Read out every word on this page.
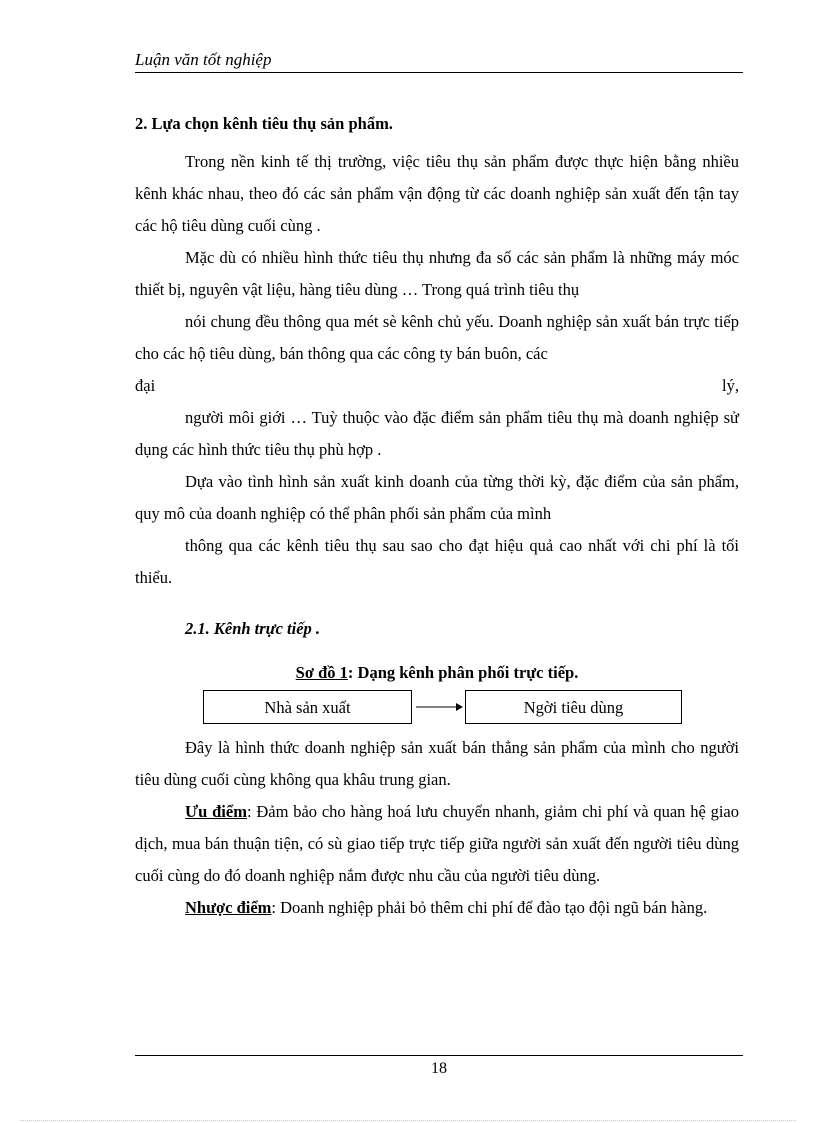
Luận văn tốt nghiệp

2. Lựa chọn kênh tiêu thụ sản phẩm.

Trong nền kinh tế thị trường, việc tiêu thụ sản phẩm được thực hiện bằng nhiều kênh khác nhau, theo đó các sản phẩm vận động từ các doanh nghiệp sản xuất đến tận tay các hộ tiêu dùng cuối cùng .

Mặc dù có nhiều hình thức tiêu thụ nhưng đa số các sản phẩm là những máy móc thiết bị, nguyên vật liệu, hàng tiêu dùng … Trong quá trình tiêu thụ

nói chung đều thông qua mét sè kênh chủ yếu. Doanh nghiệp sản xuất bán trực tiếp cho các hộ tiêu dùng, bán thông qua các công ty bán buôn, các

đại	lý,

người môi giới … Tuỳ thuộc vào đặc điểm sản phẩm tiêu thụ mà doanh nghiệp sử dụng các hình thức tiêu thụ phù hợp .

Dựa vào tình hình sản xuất kinh doanh của từng thời kỳ, đặc điểm của sản phẩm, quy mô của doanh nghiệp có thể phân phối sản phẩm của mình

thông qua các kênh tiêu thụ sau sao cho đạt hiệu quả cao nhất với chi phí là tối thiểu.

2.1. Kênh trực tiếp .

Sơ đồ 1: Dạng kênh phân phối trực tiếp.
Nhà sản xuất	Ngời tiêu dùng

Đây là hình thức doanh nghiệp sản xuất bán thẳng sản phẩm của mình cho người tiêu dùng cuối cùng không qua khâu trung gian.

Ưu điểm: Đảm bảo cho hàng hoá lưu chuyển nhanh, giảm chi phí và quan hệ giao dịch, mua bán thuận tiện, có sù giao tiếp trực tiếp giữa người sản xuất đến người tiêu dùng cuối cùng do đó doanh nghiệp nắm được nhu cầu của người tiêu dùng.

Nhược điểm: Doanh nghiệp phải bỏ thêm chi phí để đào tạo đội ngũ bán hàng.

18
